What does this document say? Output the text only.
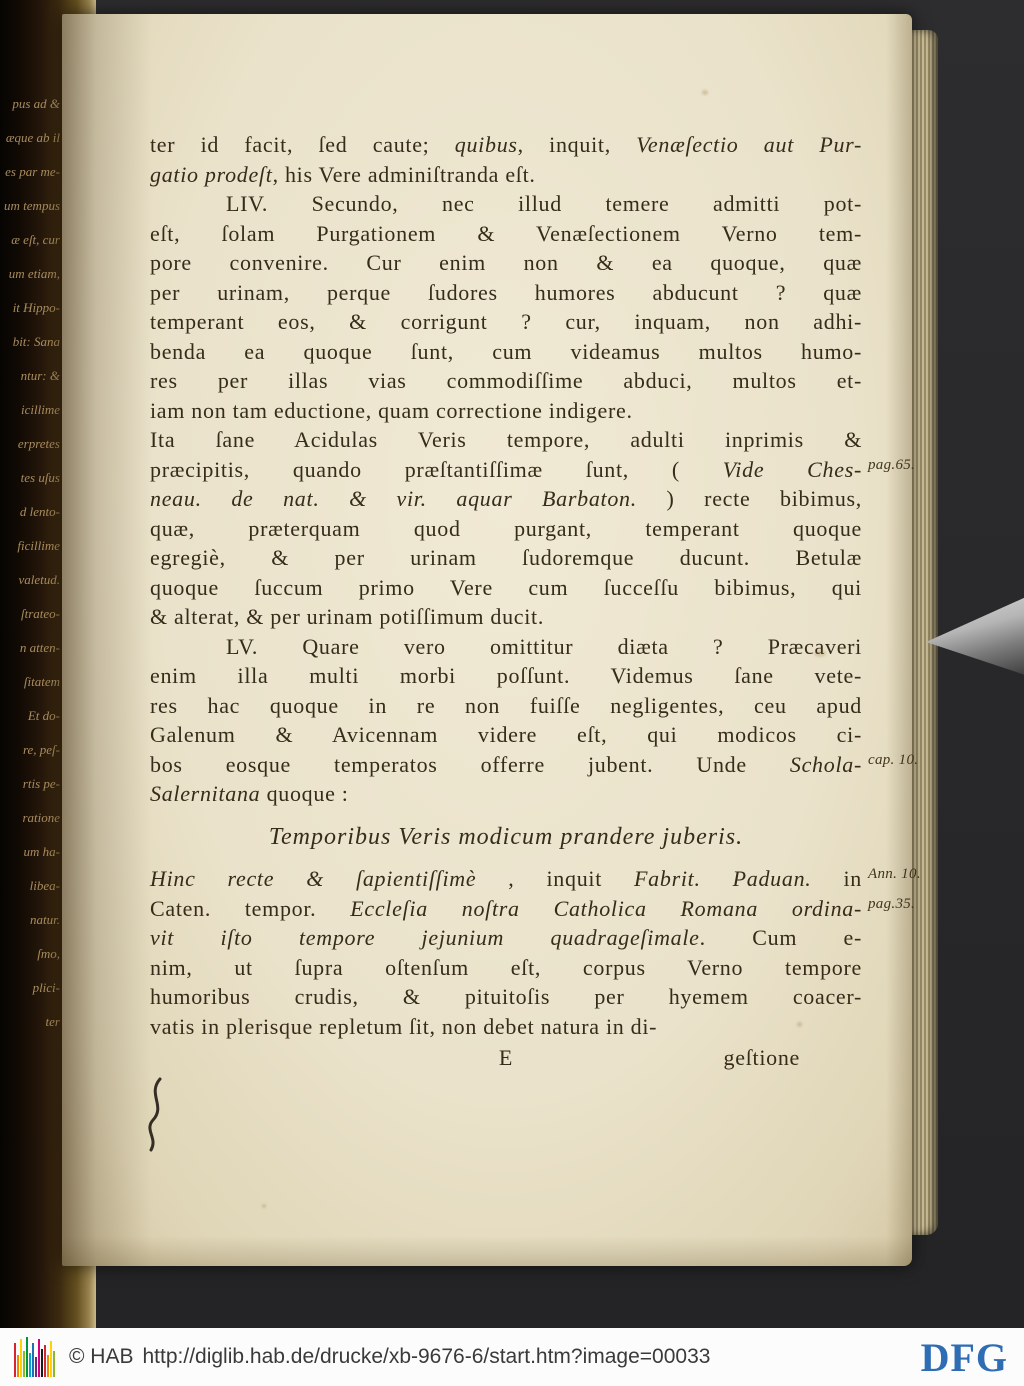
pus ad &
æque ab il
es par me-
um tempus
æ eſt, cur
um etiam,
it Hippo-
bit: Sana
ntur: &
icillime
erpretes
tes uſus
d lento-
ficillime
valetud.
ſtrateo-
n atten-
ſitatem
Et do-
re, peſ-
rtis pe-
ratione
um ha-
libea-
natur.
ſmo,
plici-
ter
ter id facit, ſed caute; quibus, inquit, Venæſectio aut Pur-
gatio prodeſt, his Vere adminiſtranda eſt.
LIV. Secundo, nec illud temere admitti pot-
eſt, ſolam Purgationem & Venæſectionem Verno tem-
pore convenire. Cur enim non & ea quoque, quæ
per urinam, perque ſudores humores abducunt ? quæ
temperant eos, & corrigunt ? cur, inquam, non adhi-
benda ea quoque ſunt, cum videamus multos humo-
res per illas vias commodiſſime abduci, multos et-
iam non tam eductione, quam correctione indigere.
Ita ſane Acidulas Veris tempore, adulti inprimis &
præcipitis, quando præſtantiſſimæ ſunt, ( Vide Ches-
neau. de nat. & vir. aquar Barbaton. ) recte bibimus,
quæ, præterquam quod purgant, temperant quoque
egregiè, & per urinam ſudoremque ducunt. Betulæ
quoque ſuccum primo Vere cum ſucceſſu bibimus, qui
& alterat, & per urinam potiſſimum ducit.
LV. Quare vero omittitur diæta ? Præcaveri
enim illa multi morbi poſſunt. Videmus ſane vete-
res hac quoque in re non fuiſſe negligentes, ceu apud
Galenum & Avicennam videre eſt, qui modicos ci-
bos eosque temperatos offerre jubent. Unde Schola-
Salernitana quoque :
Temporibus Veris modicum prandere juberis.
Hinc recte & ſapientiſſimè , inquit Fabrit. Paduan. in
Caten. tempor. Eccleſia noſtra Catholica Romana ordina-
vit iſto tempore jejunium quadrageſimale. Cum e-
nim, ut ſupra oſtenſum eſt, corpus Verno tempore
humoribus crudis, & pituitoſis per hyemem coacer-
vatis in plerisque repletum ſit, non debet natura in di-
E	geſtione
pag.65.
cap. 10.
Ann. 10.
pag.35.
© HAB http://diglib.hab.de/drucke/xb-9676-6/start.htm?image=00033	DFG
